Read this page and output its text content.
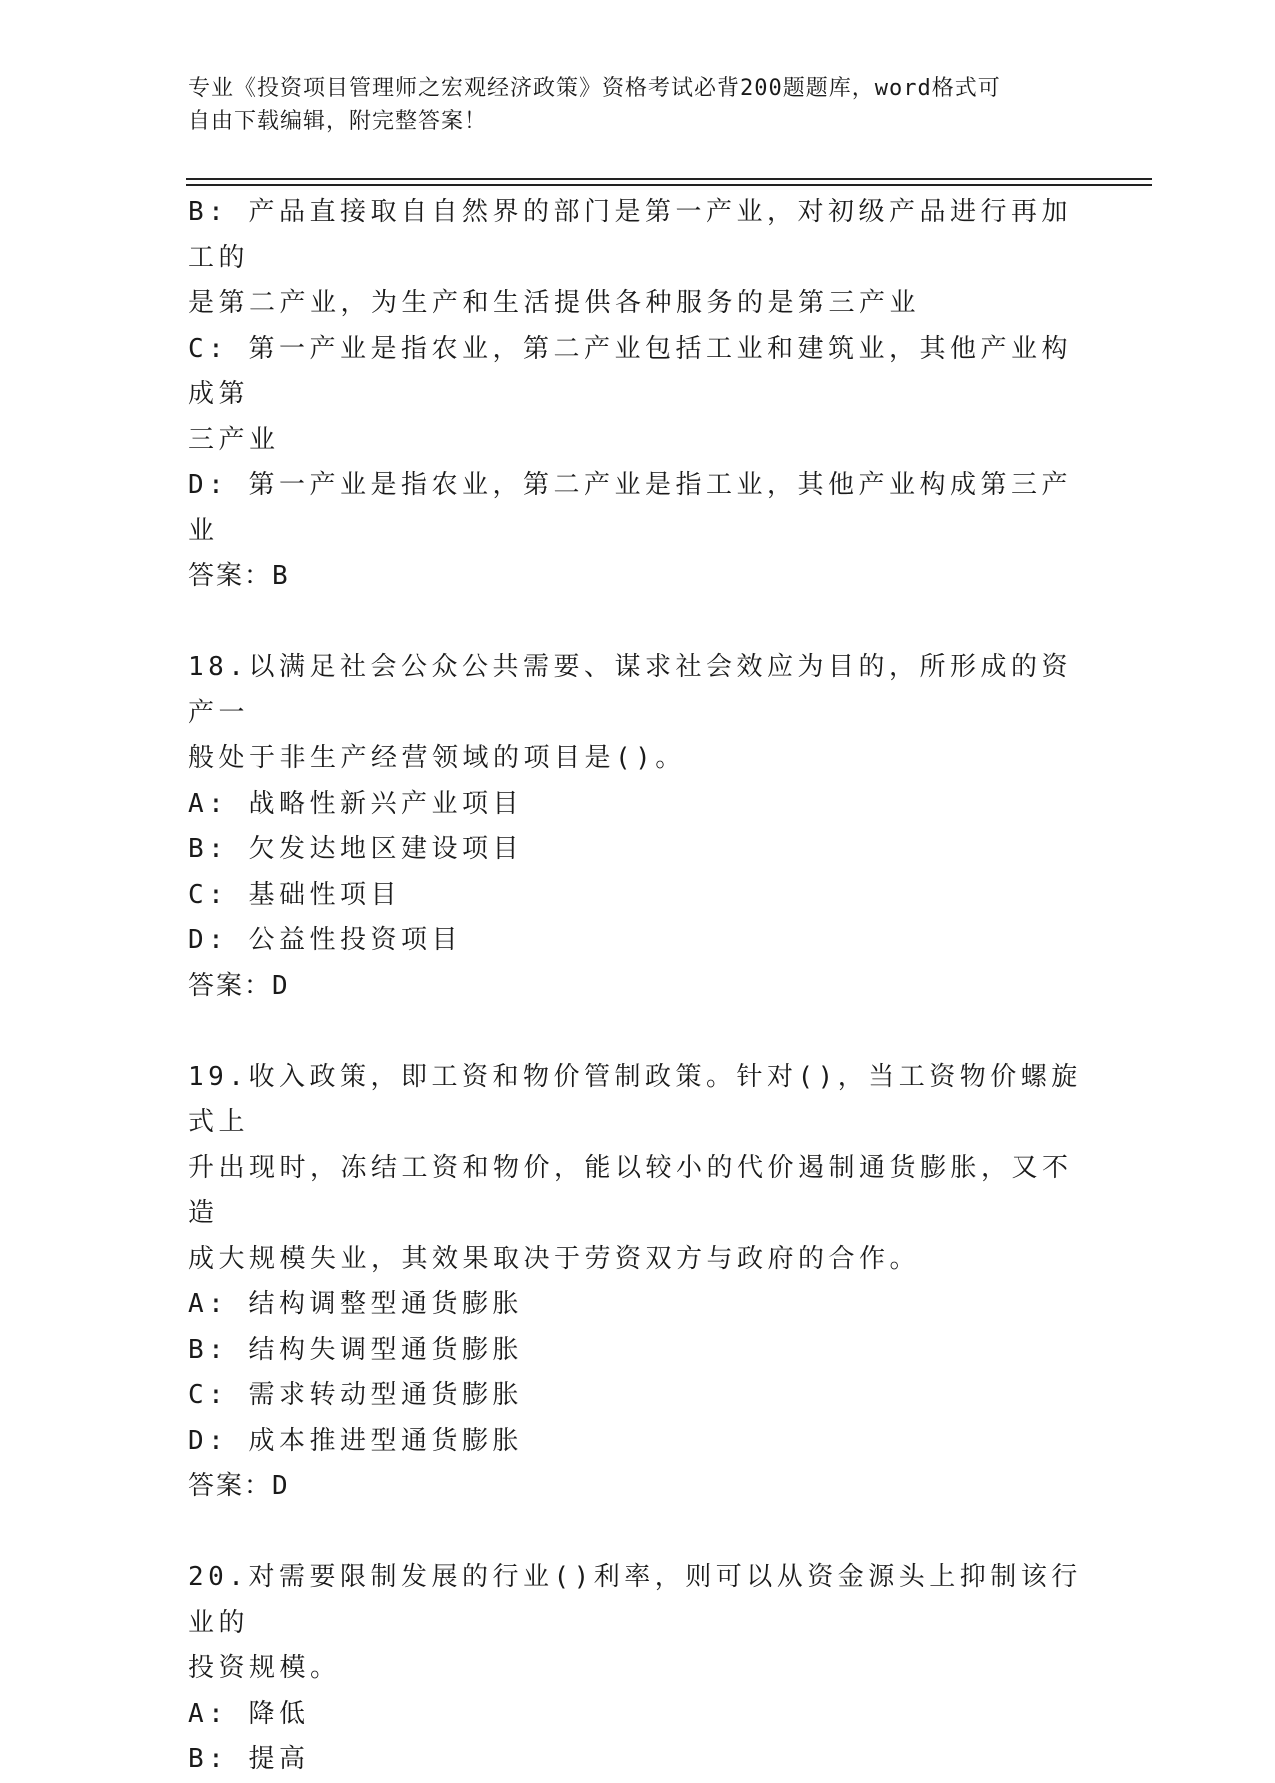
专业《投资项目管理师之宏观经济政策》资格考试必背200题题库，word格式可
自由下载编辑，附完整答案！
B: 产品直接取自自然界的部门是第一产业，对初级产品进行再加工的
是第二产业，为生产和生活提供各种服务的是第三产业
C: 第一产业是指农业，第二产业包括工业和建筑业，其他产业构成第
三产业
D: 第一产业是指农业，第二产业是指工业，其他产业构成第三产业
答案：B
18.以满足社会公众公共需要、谋求社会效应为目的，所形成的资产一
般处于非生产经营领域的项目是()。
A: 战略性新兴产业项目
B: 欠发达地区建设项目
C: 基础性项目
D: 公益性投资项目
答案：D
19.收入政策，即工资和物价管制政策。针对()，当工资物价螺旋式上
升出现时，冻结工资和物价，能以较小的代价遏制通货膨胀，又不造
成大规模失业，其效果取决于劳资双方与政府的合作。
A: 结构调整型通货膨胀
B: 结构失调型通货膨胀
C: 需求转动型通货膨胀
D: 成本推进型通货膨胀
答案：D
20.对需要限制发展的行业()利率，则可以从资金源头上抑制该行业的
投资规模。
A: 降低
B: 提高
